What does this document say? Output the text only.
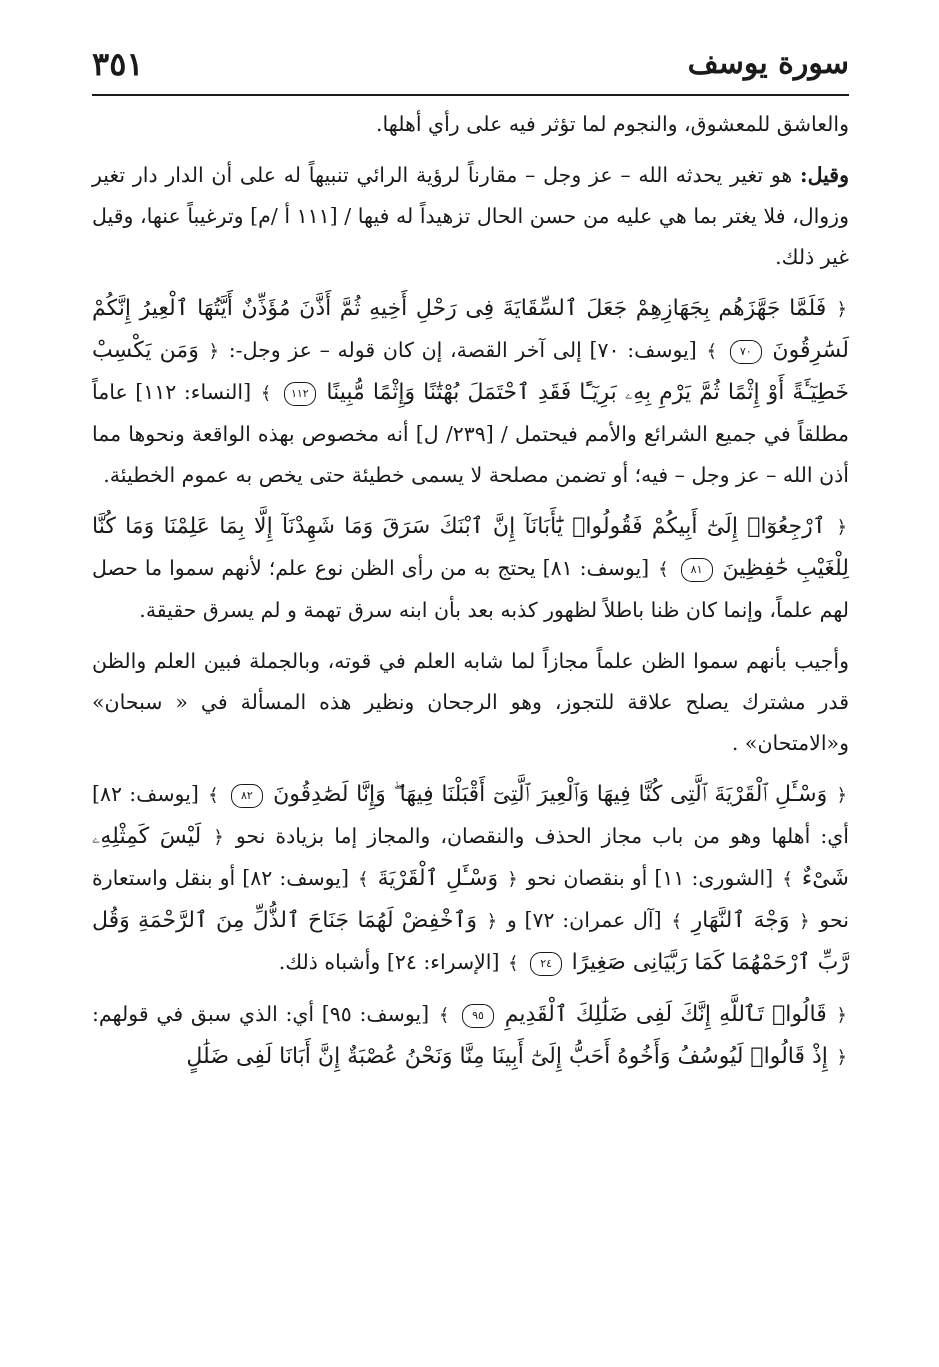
سورة يوسف
٣٥١

والعاشق للمعشوق، والنجوم لما تؤثر فيه على رأي أهلها.

وقيل: هو تغير يحدثه الله – عز وجل – مقارناً لرؤية الرائي تنبيهاً له على أن الدار دار تغير وزوال، فلا يغتر بما هي عليه من حسن الحال تزهيداً له فيها / [١١١ أ /م] وترغيباً عنها، وقيل غير ذلك.

﴿ فَلَمَّا جَهَّزَهُم بِجَهَازِهِمْ جَعَلَ ٱلسِّقَايَةَ فِى رَحْلِ أَخِيهِ ثُمَّ أَذَّنَ مُؤَذِّنٌ أَيَّتُهَا ٱلْعِيرُ إِنَّكُمْ لَسَٰرِقُونَ ٧٠ ﴾ [يوسف: ٧٠] إلى آخر القصة، إن كان قوله – عز وجل-: ﴿ وَمَن يَكْسِبْ خَطِيٓـَٔةً أَوْ إِثْمًا ثُمَّ يَرْمِ بِهِۦ بَرِيٓـًٔا فَقَدِ ٱحْتَمَلَ بُهْتَٰنًا وَإِثْمًا مُّبِينًا ١١٢ ﴾ [النساء: ١١٢] عاماً مطلقاً في جميع الشرائع والأمم فيحتمل / [٢٣٩/ ل] أنه مخصوص بهذه الواقعة ونحوها مما أذن الله – عز وجل – فيه؛ أو تضمن مصلحة لا يسمى خطيئة حتى يخص به عموم الخطيئة.

﴿ ٱرْجِعُوٓا۟ إِلَىٰٓ أَبِيكُمْ فَقُولُوا۟ يَٰٓأَبَانَآ إِنَّ ٱبْنَكَ سَرَقَ وَمَا شَهِدْنَآ إِلَّا بِمَا عَلِمْنَا وَمَا كُنَّا لِلْغَيْبِ حَٰفِظِينَ ٨١ ﴾ [يوسف: ٨١] يحتج به من رأى الظن نوع علم؛ لأنهم سموا ما حصل لهم علماً، وإنما كان ظنا باطلاً لظهور كذبه بعد بأن ابنه سرق تهمة و لم يسرق حقيقة.

وأجيب بأنهم سموا الظن علماً مجازاً لما شابه العلم في قوته، وبالجملة فبين العلم والظن قدر مشترك يصلح علاقة للتجوز، وهو الرجحان ونظير هذه المسألة في « سبحان» و«الامتحان» .

﴿ وَسْـَٔلِ ٱلْقَرْيَةَ ٱلَّتِى كُنَّا فِيهَا وَٱلْعِيرَ ٱلَّتِىٓ أَقْبَلْنَا فِيهَا ۖ وَإِنَّا لَصَٰدِقُونَ ٨٢ ﴾ [يوسف: ٨٢] أي: أهلها وهو من باب مجاز الحذف والنقصان، والمجاز إما بزيادة نحو ﴿ لَيْسَ كَمِثْلِهِۦ شَىْءٌ ﴾ [الشورى: ١١] أو بنقصان نحو ﴿ وَسْـَٔلِ ٱلْقَرْيَةَ ﴾ [يوسف: ٨٢] أو بنقل واستعارة نحو ﴿ وَجْهَ ٱلنَّهَارِ ﴾ [آل عمران: ٧٢] و ﴿ وَٱخْفِضْ لَهُمَا جَنَاحَ ٱلذُّلِّ مِنَ ٱلرَّحْمَةِ وَقُل رَّبِّ ٱرْحَمْهُمَا كَمَا رَبَّيَانِى صَغِيرًا ٢٤ ﴾ [الإسراء: ٢٤] وأشباه ذلك.

﴿ قَالُوا۟ تَٱللَّهِ إِنَّكَ لَفِى ضَلَٰلِكَ ٱلْقَدِيمِ ٩٥ ﴾ [يوسف: ٩٥] أي: الذي سبق في قولهم: ﴿ إِذْ قَالُوا۟ لَيُوسُفُ وَأَخُوهُ أَحَبُّ إِلَىٰٓ أَبِينَا مِنَّا وَنَحْنُ عُصْبَةٌ إِنَّ أَبَانَا لَفِى ضَلَٰلٍ
